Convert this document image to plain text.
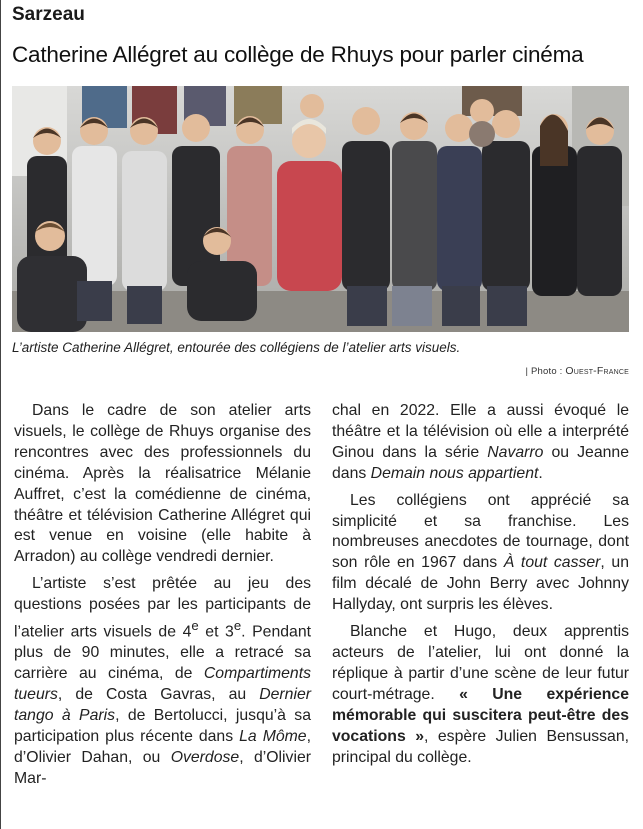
Sarzeau
Catherine Allégret au collège de Rhuys pour parler cinéma
L’artiste Catherine Allégret, entourée des collégiens de l’atelier arts visuels.
| Photo : Ouest-France

Dans le cadre de son atelier arts visuels, le collège de Rhuys organise des rencontres avec des professionnels du cinéma. Après la réalisatrice Mélanie Auffret, c’est la comédienne de cinéma, théâtre et télévision Catherine Allégret qui est venue en voisine (elle habite à Arradon) au collège vendredi dernier.

L’artiste s’est prêtée au jeu des questions posées par les participants de l’atelier arts visuels de 4e et 3e. Pendant plus de 90 minutes, elle a retracé sa carrière au cinéma, de Compartiments tueurs, de Costa Gavras, au Dernier tango à Paris, de Bertolucci, jusqu’à sa participation plus récente dans La Môme, d’Olivier Dahan, ou Overdose, d’Olivier Mar-

chal en 2022. Elle a aussi évoqué le théâtre et la télévision où elle a interprété Ginou dans la série Navarro ou Jeanne dans Demain nous appartient.

Les collégiens ont apprécié sa simplicité et sa franchise. Les nombreuses anecdotes de tournage, dont son rôle en 1967 dans À tout casser, un film décalé de John Berry avec Johnny Hallyday, ont surpris les élèves.

Blanche et Hugo, deux apprentis acteurs de l’atelier, lui ont donné la réplique à partir d’une scène de leur futur court-métrage. « Une expérience mémorable qui suscitera peut-être des vocations », espère Julien Bensussan, principal du collège.
